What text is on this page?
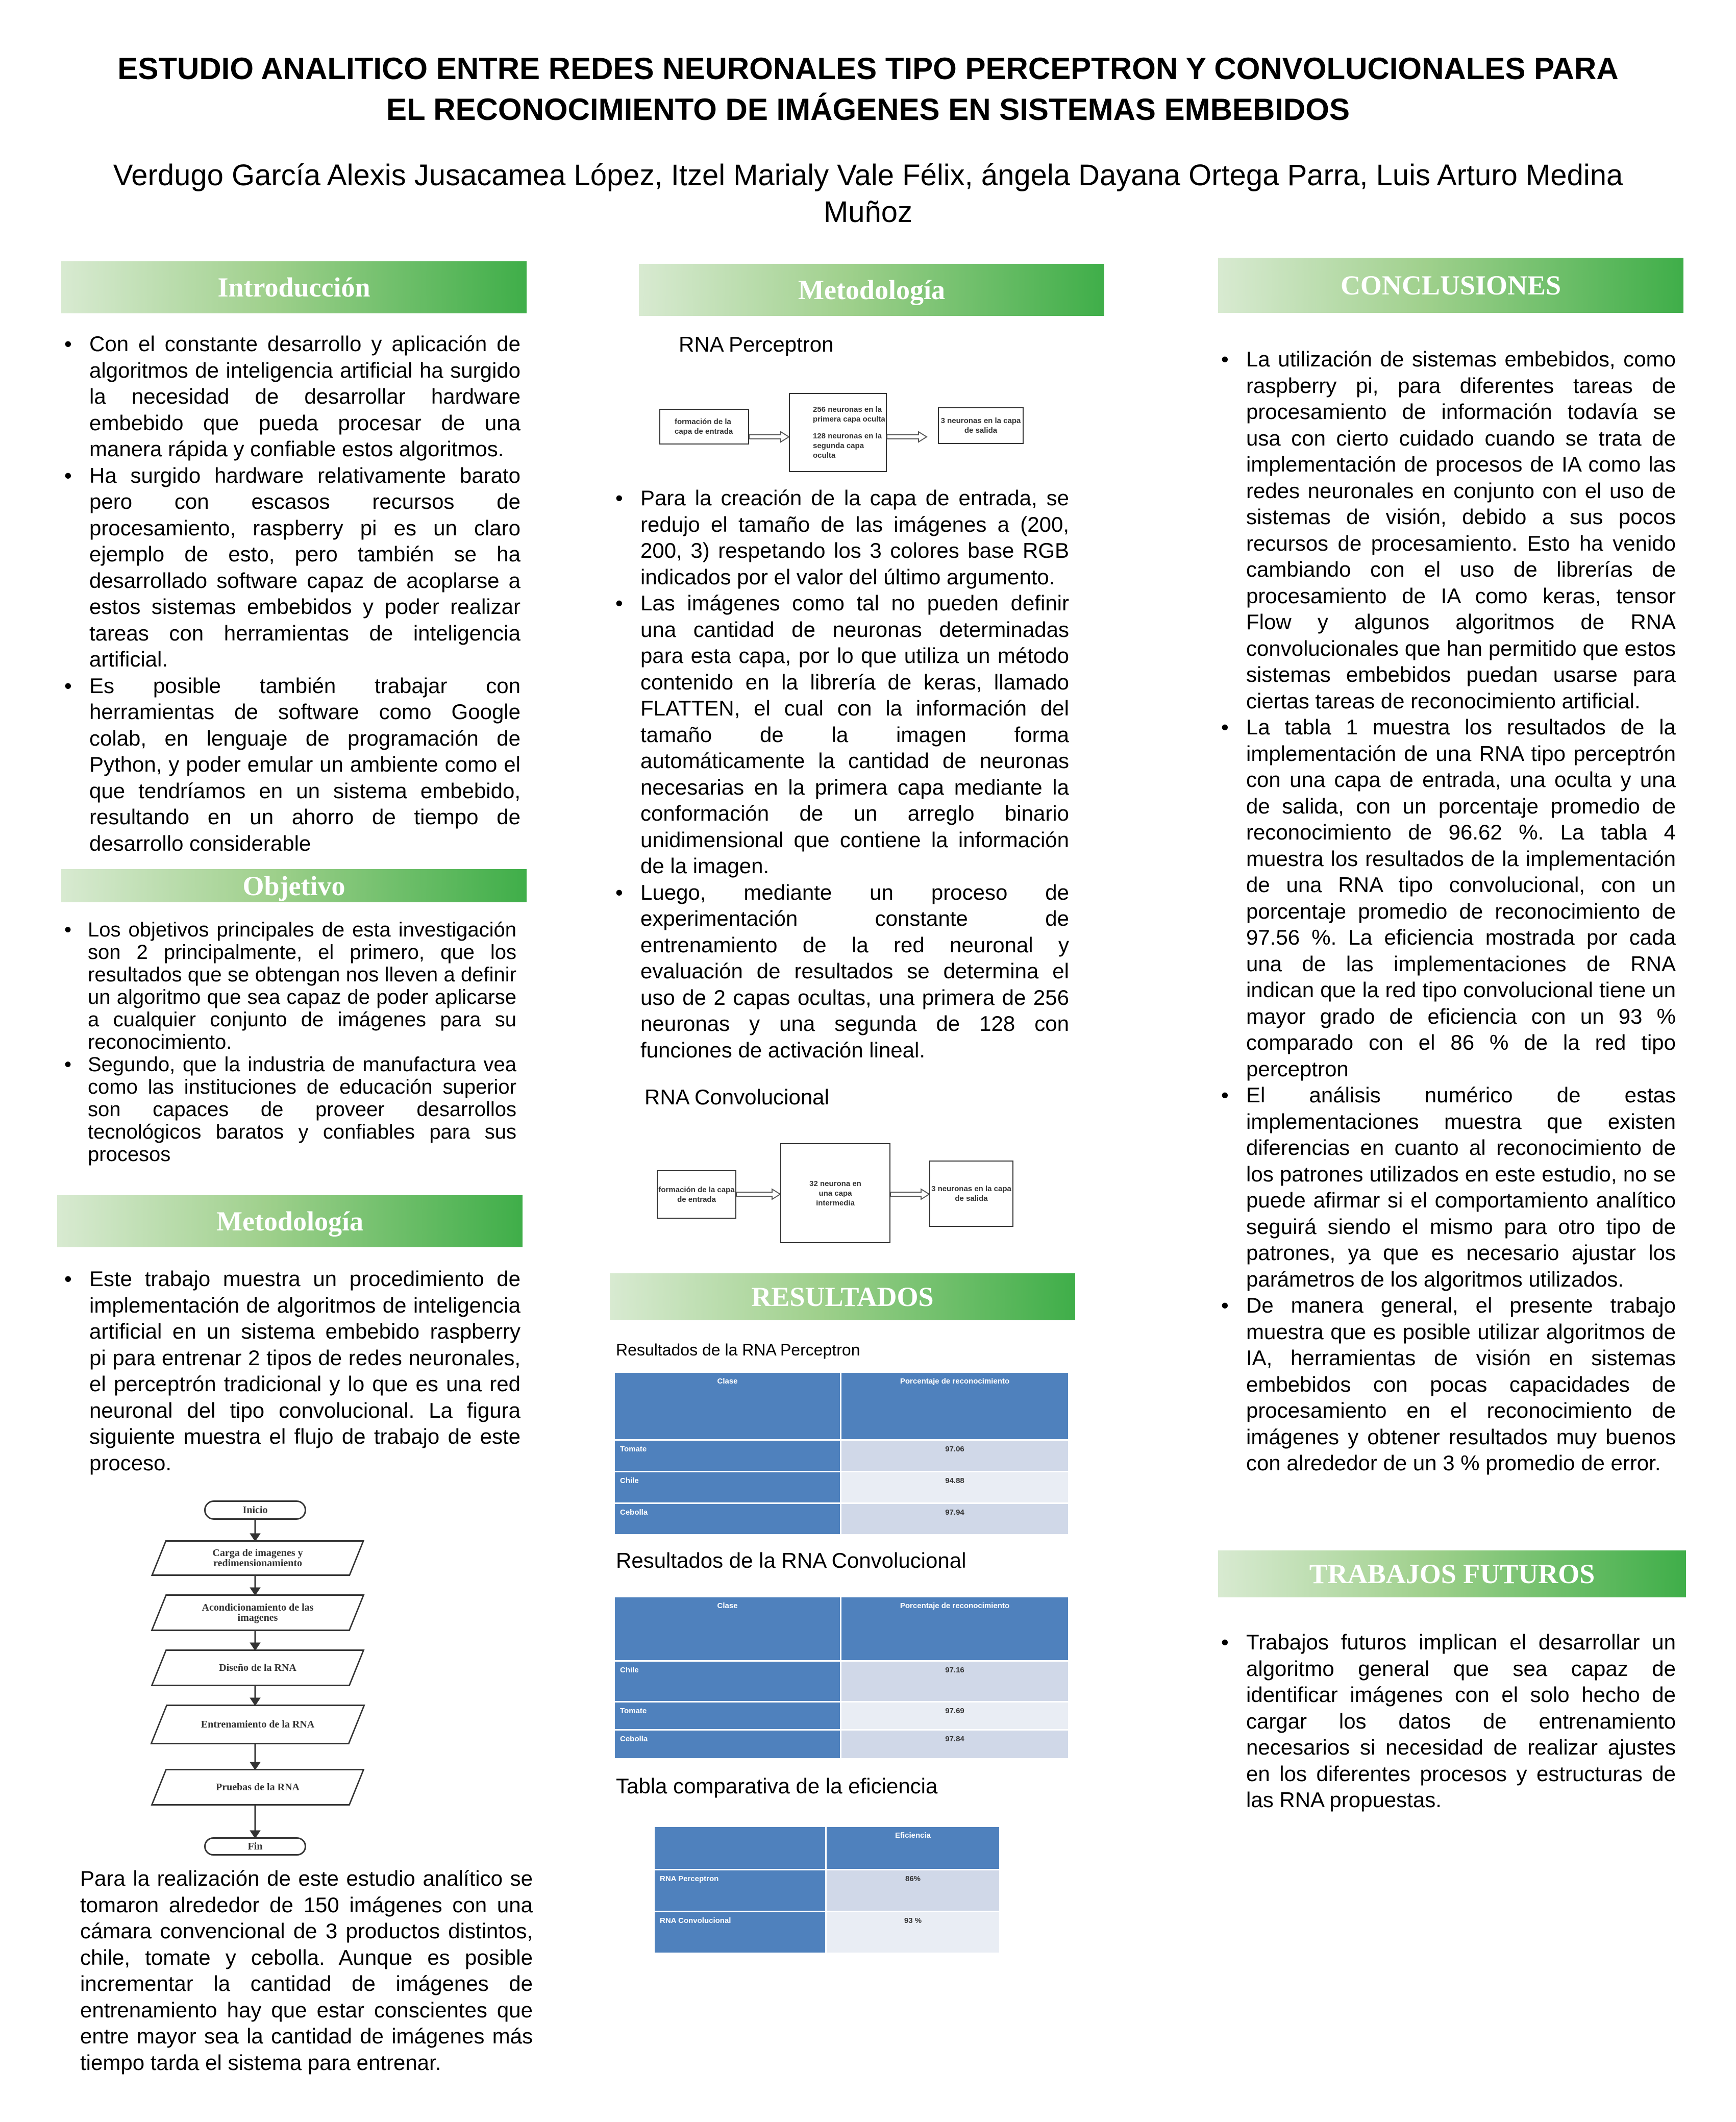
ESTUDIO ANALITICO ENTRE REDES NEURONALES TIPO PERCEPTRON Y CONVOLUCIONALES PARA EL RECONOCIMIENTO DE IMÁGENES EN SISTEMAS EMBEBIDOS
Verdugo García Alexis Jusacamea López, Itzel Marialy Vale Félix, ángela Dayana Ortega Parra, Luis Arturo Medina Muñoz
Introducción
• Con el constante desarrollo y aplicación de algoritmos de inteligencia artificial ha surgido la necesidad de desarrollar hardware embebido que pueda procesar de una manera rápida y confiable estos algoritmos.
• Ha surgido hardware relativamente barato pero con escasos recursos de procesamiento, raspberry pi es un claro ejemplo de esto, pero también se ha desarrollado software capaz de acoplarse a estos sistemas embebidos y poder realizar tareas con herramientas de inteligencia artificial.
• Es posible también trabajar con herramientas de software como Google colab, en lenguaje de programación de Python, y poder emular un ambiente como el que tendríamos en un sistema embebido, resultando en un ahorro de tiempo de desarrollo considerable
Objetivo
• Los objetivos principales de esta investigación son 2 principalmente, el primero, que los resultados que se obtengan nos lleven a definir un algoritmo que sea capaz de poder aplicarse a cualquier conjunto de imágenes para su reconocimiento.
• Segundo, que la industria de manufactura vea como las instituciones de educación superior son capaces de proveer desarrollos tecnológicos baratos y confiables para sus procesos
Metodología
• Este trabajo muestra un procedimiento de implementación de algoritmos de inteligencia artificial en un sistema embebido raspberry pi para entrenar 2 tipos de redes neuronales, el perceptrón tradicional y lo que es una red neuronal del tipo convolucional. La figura siguiente muestra el flujo de trabajo de este proceso.
Inicio
Carga de imagenes y redimensionamiento
Acondicionamiento de las imagenes
Diseño de la RNA
Entrenamiento de la RNA
Pruebas de la RNA
Fin
Para la realización de este estudio analítico se tomaron alrededor de 150 imágenes con una cámara convencional de 3 productos distintos, chile, tomate y cebolla. Aunque es posible incrementar la cantidad de imágenes de entrenamiento hay que estar conscientes que entre mayor sea la cantidad de imágenes más tiempo tarda el sistema para entrenar.
Metodología
RNA Perceptron
formación de la capa de entrada
256 neuronas en la primera capa oculta
128 neuronas en la segunda capa oculta
3 neuronas en la capa de salida
• Para la creación de la capa de entrada, se redujo el tamaño de las imágenes a (200, 200, 3) respetando los 3 colores base RGB indicados por el valor del último argumento.
• Las imágenes como tal no pueden definir una cantidad de neuronas determinadas para esta capa, por lo que utiliza un método contenido en la librería de keras, llamado FLATTEN, el cual con la información del tamaño de la imagen forma automáticamente la cantidad de neuronas necesarias en la primera capa mediante la conformación de un arreglo binario unidimensional que contiene la información de la imagen.
• Luego, mediante un proceso de experimentación constante de entrenamiento de la red neuronal y evaluación de resultados se determina el uso de 2 capas ocultas, una primera de 256 neuronas y una segunda de 128 con funciones de activación lineal.
RNA Convolucional
formación de la capa de entrada
32 neurona en una capa intermedia
3 neuronas en la capa de salida
RESULTADOS
Resultados de la RNA Perceptron
Clase	Porcentaje de reconocimiento
Tomate	97.06
Chile	94.88
Cebolla	97.94
Resultados de la RNA Convolucional
Clase	Porcentaje de reconocimiento
Chile	97.16
Tomate	97.69
Cebolla	97.84
Tabla comparativa de la eficiencia
	Eficiencia
RNA Perceptron	86%
RNA Convolucional	93 %
CONCLUSIONES
• La utilización de sistemas embebidos, como raspberry pi, para diferentes tareas de procesamiento de información todavía se usa con cierto cuidado cuando se trata de implementación de procesos de IA como las redes neuronales en conjunto con el uso de sistemas de visión, debido a sus pocos recursos de procesamiento. Esto ha venido cambiando con el uso de librerías de procesamiento de IA como keras, tensor Flow y algunos algoritmos de RNA convolucionales que han permitido que estos sistemas embebidos puedan usarse para ciertas tareas de reconocimiento artificial.
• La tabla 1 muestra los resultados de la implementación de una RNA tipo perceptrón con una capa de entrada, una oculta y una de salida, con un porcentaje promedio de reconocimiento de 96.62 %. La tabla 4 muestra los resultados de la implementación de una RNA tipo convolucional, con un porcentaje promedio de reconocimiento de 97.56 %. La eficiencia mostrada por cada una de las implementaciones de RNA indican que la red tipo convolucional tiene un mayor grado de eficiencia con un 93 % comparado con el 86 % de la red tipo perceptron
• El análisis numérico de estas implementaciones muestra que existen diferencias en cuanto al reconocimiento de los patrones utilizados en este estudio, no se puede afirmar si el comportamiento analítico seguirá siendo el mismo para otro tipo de patrones, ya que es necesario ajustar los parámetros de los algoritmos utilizados.
• De manera general, el presente trabajo muestra que es posible utilizar algoritmos de IA, herramientas de visión en sistemas embebidos con pocas capacidades de procesamiento en el reconocimiento de imágenes y obtener resultados muy buenos con alrededor de un 3 % promedio de error.
TRABAJOS FUTUROS
• Trabajos futuros implican el desarrollar un algoritmo general que sea capaz de identificar imágenes con el solo hecho de cargar los datos de entrenamiento necesarios si necesidad de realizar ajustes en los diferentes procesos y estructuras de las RNA propuestas.
